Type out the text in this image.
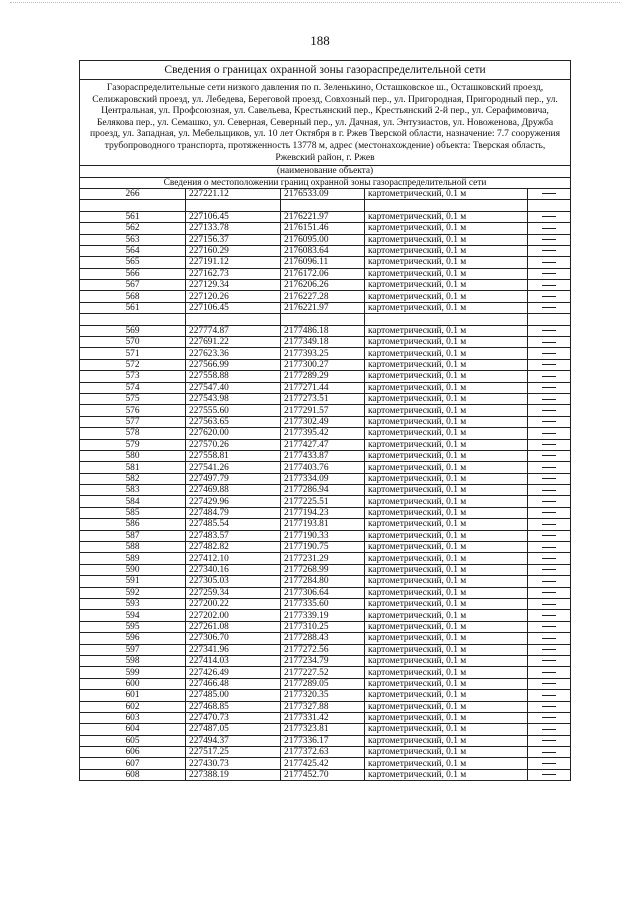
188
Сведения о границах охранной зоны газораспределительной сети				
Газораспределительные сети низкого давления по п. Зеленькино, Осташковское ш., Осташковский проезд, Селижаровский проезд, ул. Лебедева, Береговой проезд, Совхозный пер., ул. Пригородная, Пригородный пер., ул. Центральная, ул. Профсоюзная, ул. Савельева, Крестьянский пер., Крестьянский 2-й пер., ул. Серафимовича, Белякова пер., ул. Семашко, ул. Северная, Северный пер., ул. Дачная, ул. Энтузиастов, ул. Новоженова, Дружба проезд, ул. Западная, ул. Мебельщиков, ул. 10 лет Октября в г. Ржев Тверской области, назначение: 7.7 сооружения трубопроводного транспорта, протяженность 13778 м, адрес (местонахождение) объекта: Тверская область, Ржевский район, г. Ржев				
(наименование объекта)				
Сведения о местоположении границ охранной зоны газораспределительной сети				
266	227221.12	2176533.09	картометрический, 0.1 м	

561	227106.45	2176221.97	картометрический, 0.1 м	
562	227133.78	2176151.46	картометрический, 0.1 м	
563	227156.37	2176095.00	картометрический, 0.1 м	
564	227160.29	2176083.64	картометрический, 0.1 м	
565	227191.12	2176096.11	картометрический, 0.1 м	
566	227162.73	2176172.06	картометрический, 0.1 м	
567	227129.34	2176206.26	картометрический, 0.1 м	
568	227120.26	2176227.28	картометрический, 0.1 м	
561	227106.45	2176221.97	картометрический, 0.1 м	

569	227774.87	2177486.18	картометрический, 0.1 м	
570	227691.22	2177349.18	картометрический, 0.1 м	
571	227623.36	2177393.25	картометрический, 0.1 м	
572	227566.99	2177300.27	картометрический, 0.1 м	
573	227558.88	2177289.29	картометрический, 0.1 м	
574	227547.40	2177271.44	картометрический, 0.1 м	
575	227543.98	2177273.51	картометрический, 0.1 м	
576	227555.60	2177291.57	картометрический, 0.1 м	
577	227563.65	2177302.49	картометрический, 0.1 м	
578	227620.00	2177395.42	картометрический, 0.1 м	
579	227570.26	2177427.47	картометрический, 0.1 м	
580	227558.81	2177433.87	картометрический, 0.1 м	
581	227541.26	2177403.76	картометрический, 0.1 м	
582	227497.79	2177334.09	картометрический, 0.1 м	
583	227469.88	2177286.94	картометрический, 0.1 м	
584	227429.96	2177225.51	картометрический, 0.1 м	
585	227484.79	2177194.23	картометрический, 0.1 м	
586	227485.54	2177193.81	картометрический, 0.1 м	
587	227483.57	2177190.33	картометрический, 0.1 м	
588	227482.82	2177190.75	картометрический, 0.1 м	
589	227412.10	2177231.29	картометрический, 0.1 м	
590	227340.16	2177268.99	картометрический, 0.1 м	
591	227305.03	2177284.80	картометрический, 0.1 м	
592	227259.34	2177306.64	картометрический, 0.1 м	
593	227200.22	2177335.60	картометрический, 0.1 м	
594	227202.00	2177339.19	картометрический, 0.1 м	
595	227261.08	2177310.25	картометрический, 0.1 м	
596	227306.70	2177288.43	картометрический, 0.1 м	
597	227341.96	2177272.56	картометрический, 0.1 м	
598	227414.03	2177234.79	картометрический, 0.1 м	
599	227426.49	2177227.52	картометрический, 0.1 м	
600	227466.48	2177289.05	картометрический, 0.1 м	
601	227485.00	2177320.35	картометрический, 0.1 м	
602	227468.85	2177327.88	картометрический, 0.1 м	
603	227470.73	2177331.42	картометрический, 0.1 м	
604	227487.05	2177323.81	картометрический, 0.1 м	
605	227494.37	2177336.17	картометрический, 0.1 м	
606	227517.25	2177372.63	картометрический, 0.1 м	
607	227430.73	2177425.42	картометрический, 0.1 м	
608	227388.19	2177452.70	картометрический, 0.1 м	
